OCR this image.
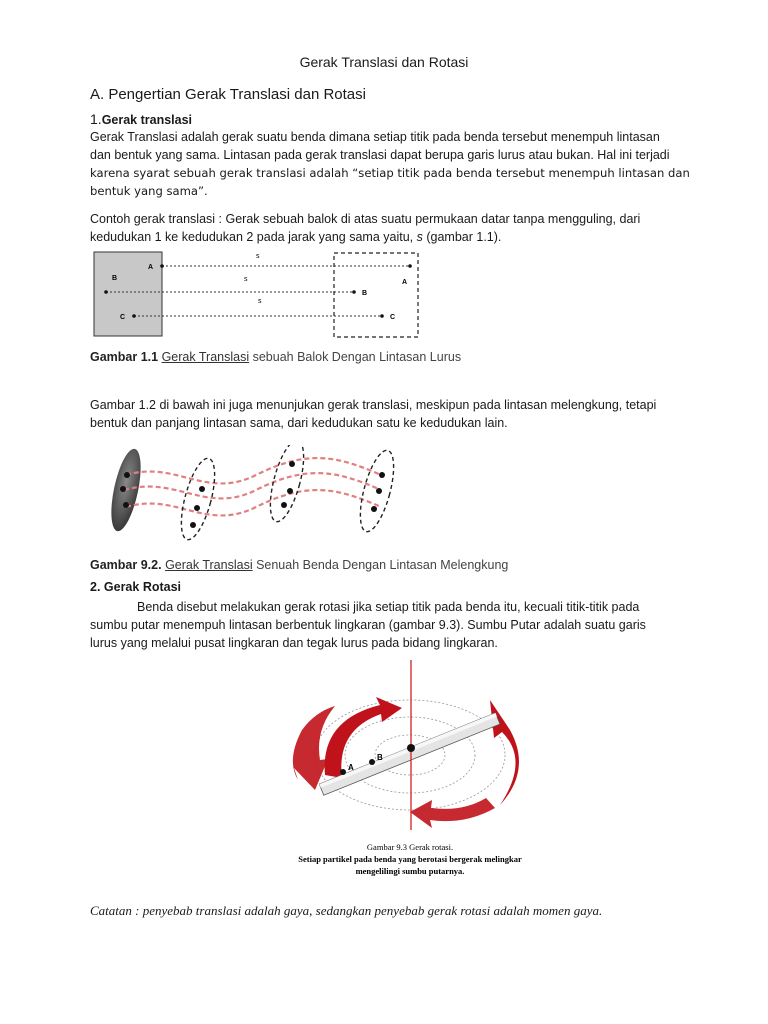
Gerak Translasi dan Rotasi
A. Pengertian Gerak Translasi dan Rotasi
1.Gerak translasi
Gerak Translasi adalah gerak suatu benda dimana setiap titik pada benda tersebut menempuh lintasan
dan bentuk yang sama. Lintasan pada gerak translasi dapat berupa garis lurus atau bukan. Hal ini terjadi
karena syarat sebuah gerak translasi adalah “setiap titik pada benda tersebut menempuh lintasan dan
bentuk yang sama”.
Contoh gerak translasi : Gerak sebuah balok di atas suatu permukaan datar tanpa mengguling, dari
kedudukan 1 ke kedudukan 2 pada jarak yang sama yaitu, s (gambar 1.1).
A
B
C
A
B
C
s
s
s
Gambar 1.1 Gerak Translasi sebuah Balok Dengan Lintasan Lurus
Gambar 1.2 di bawah ini juga menunjukan gerak translasi, meskipun pada lintasan melengkung, tetapi
bentuk dan panjang lintasan sama, dari kedudukan satu ke kedudukan lain.
Gambar 9.2. Gerak Translasi Senuah Benda Dengan Lintasan Melengkung
2. Gerak Rotasi
Benda disebut melakukan gerak rotasi jika setiap titik pada benda itu, kecuali titik-titik pada
sumbu putar menempuh lintasan berbentuk lingkaran (gambar 9.3). Sumbu Putar adalah suatu garis
lurus yang melalui pusat lingkaran dan tegak lurus pada bidang lingkaran.
B
A
Gambar 9.3 Gerak rotasi.
Setiap partikel pada benda yang berotasi bergerak melingkar
mengelilingi sumbu putarnya.
Catatan : penyebab translasi adalah gaya, sedangkan penyebab gerak rotasi adalah momen gaya.
